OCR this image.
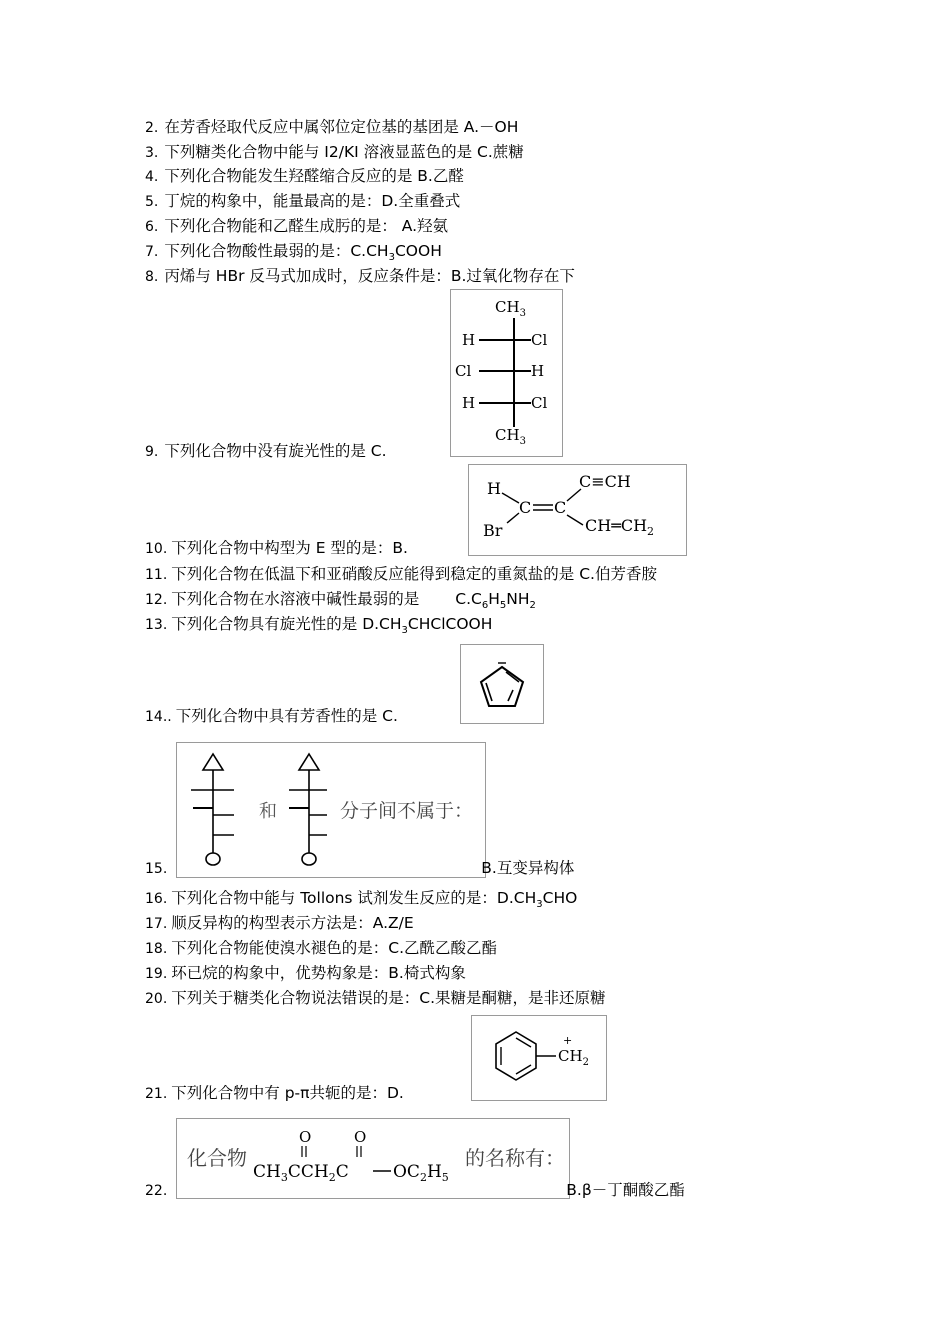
2. 在芳香烃取代反应中属邻位定位基的基团是 A.－OH
3. 下列糖类化合物中能与 I2/KI 溶液显蓝色的是 C.蔗糖
4. 下列化合物能发生羟醛缩合反应的是 B.乙醛
5. 丁烷的构象中，能量最高的是：D.全重叠式
6. 下列化合物能和乙醛生成肟的是： A.羟氨
7. 下列化合物酸性最弱的是：$C.CH_3COOH$
8. 丙烯与 HBr 反马式加成时，反应条件是：B.过氧化物存在下
$CH_3$
H	Cl
Cl	H
H	Cl
$CH_3$
9. 下列化合物中没有旋光性的是 C.
H
Br
C C
C≡CH
$CH═CH_2$
10. 下列化合物中构型为 E 型的是：B.
11. 下列化合物在低温下和亚硝酸反应能得到稳定的重氮盐的是 C.伯芳香胺
12. 下列化合物在水溶液中碱性最弱的是 $C.C_6H_5NH_2$
13. 下列化合物具有旋光性的是 $D.CH_3CHClCOOH$
14.. 下列化合物中具有芳香性的是 C.
和	分子间不属于：
15.	B.互变异构体
16. 下列化合物中能与 Tollons 试剂发生反应的是：$D.CH_3CHO$
17. 顺反异构的构型表示方法是：A.Z/E
18. 下列化合物能使溴水褪色的是：C.乙酰乙酸乙酯
19. 环已烷的构象中，优势构象是：B.椅式构象
20. 下列关于糖类化合物说法错误的是：C.果糖是酮糖，是非还原糖
+
$CH_2$
21. 下列化合物中有 p-π共轭的是：D.
化合物
O	O
$CH_3CCH_2C$	$OC_2H_5$
的名称有：
22.	B.β－丁酮酸乙酯
